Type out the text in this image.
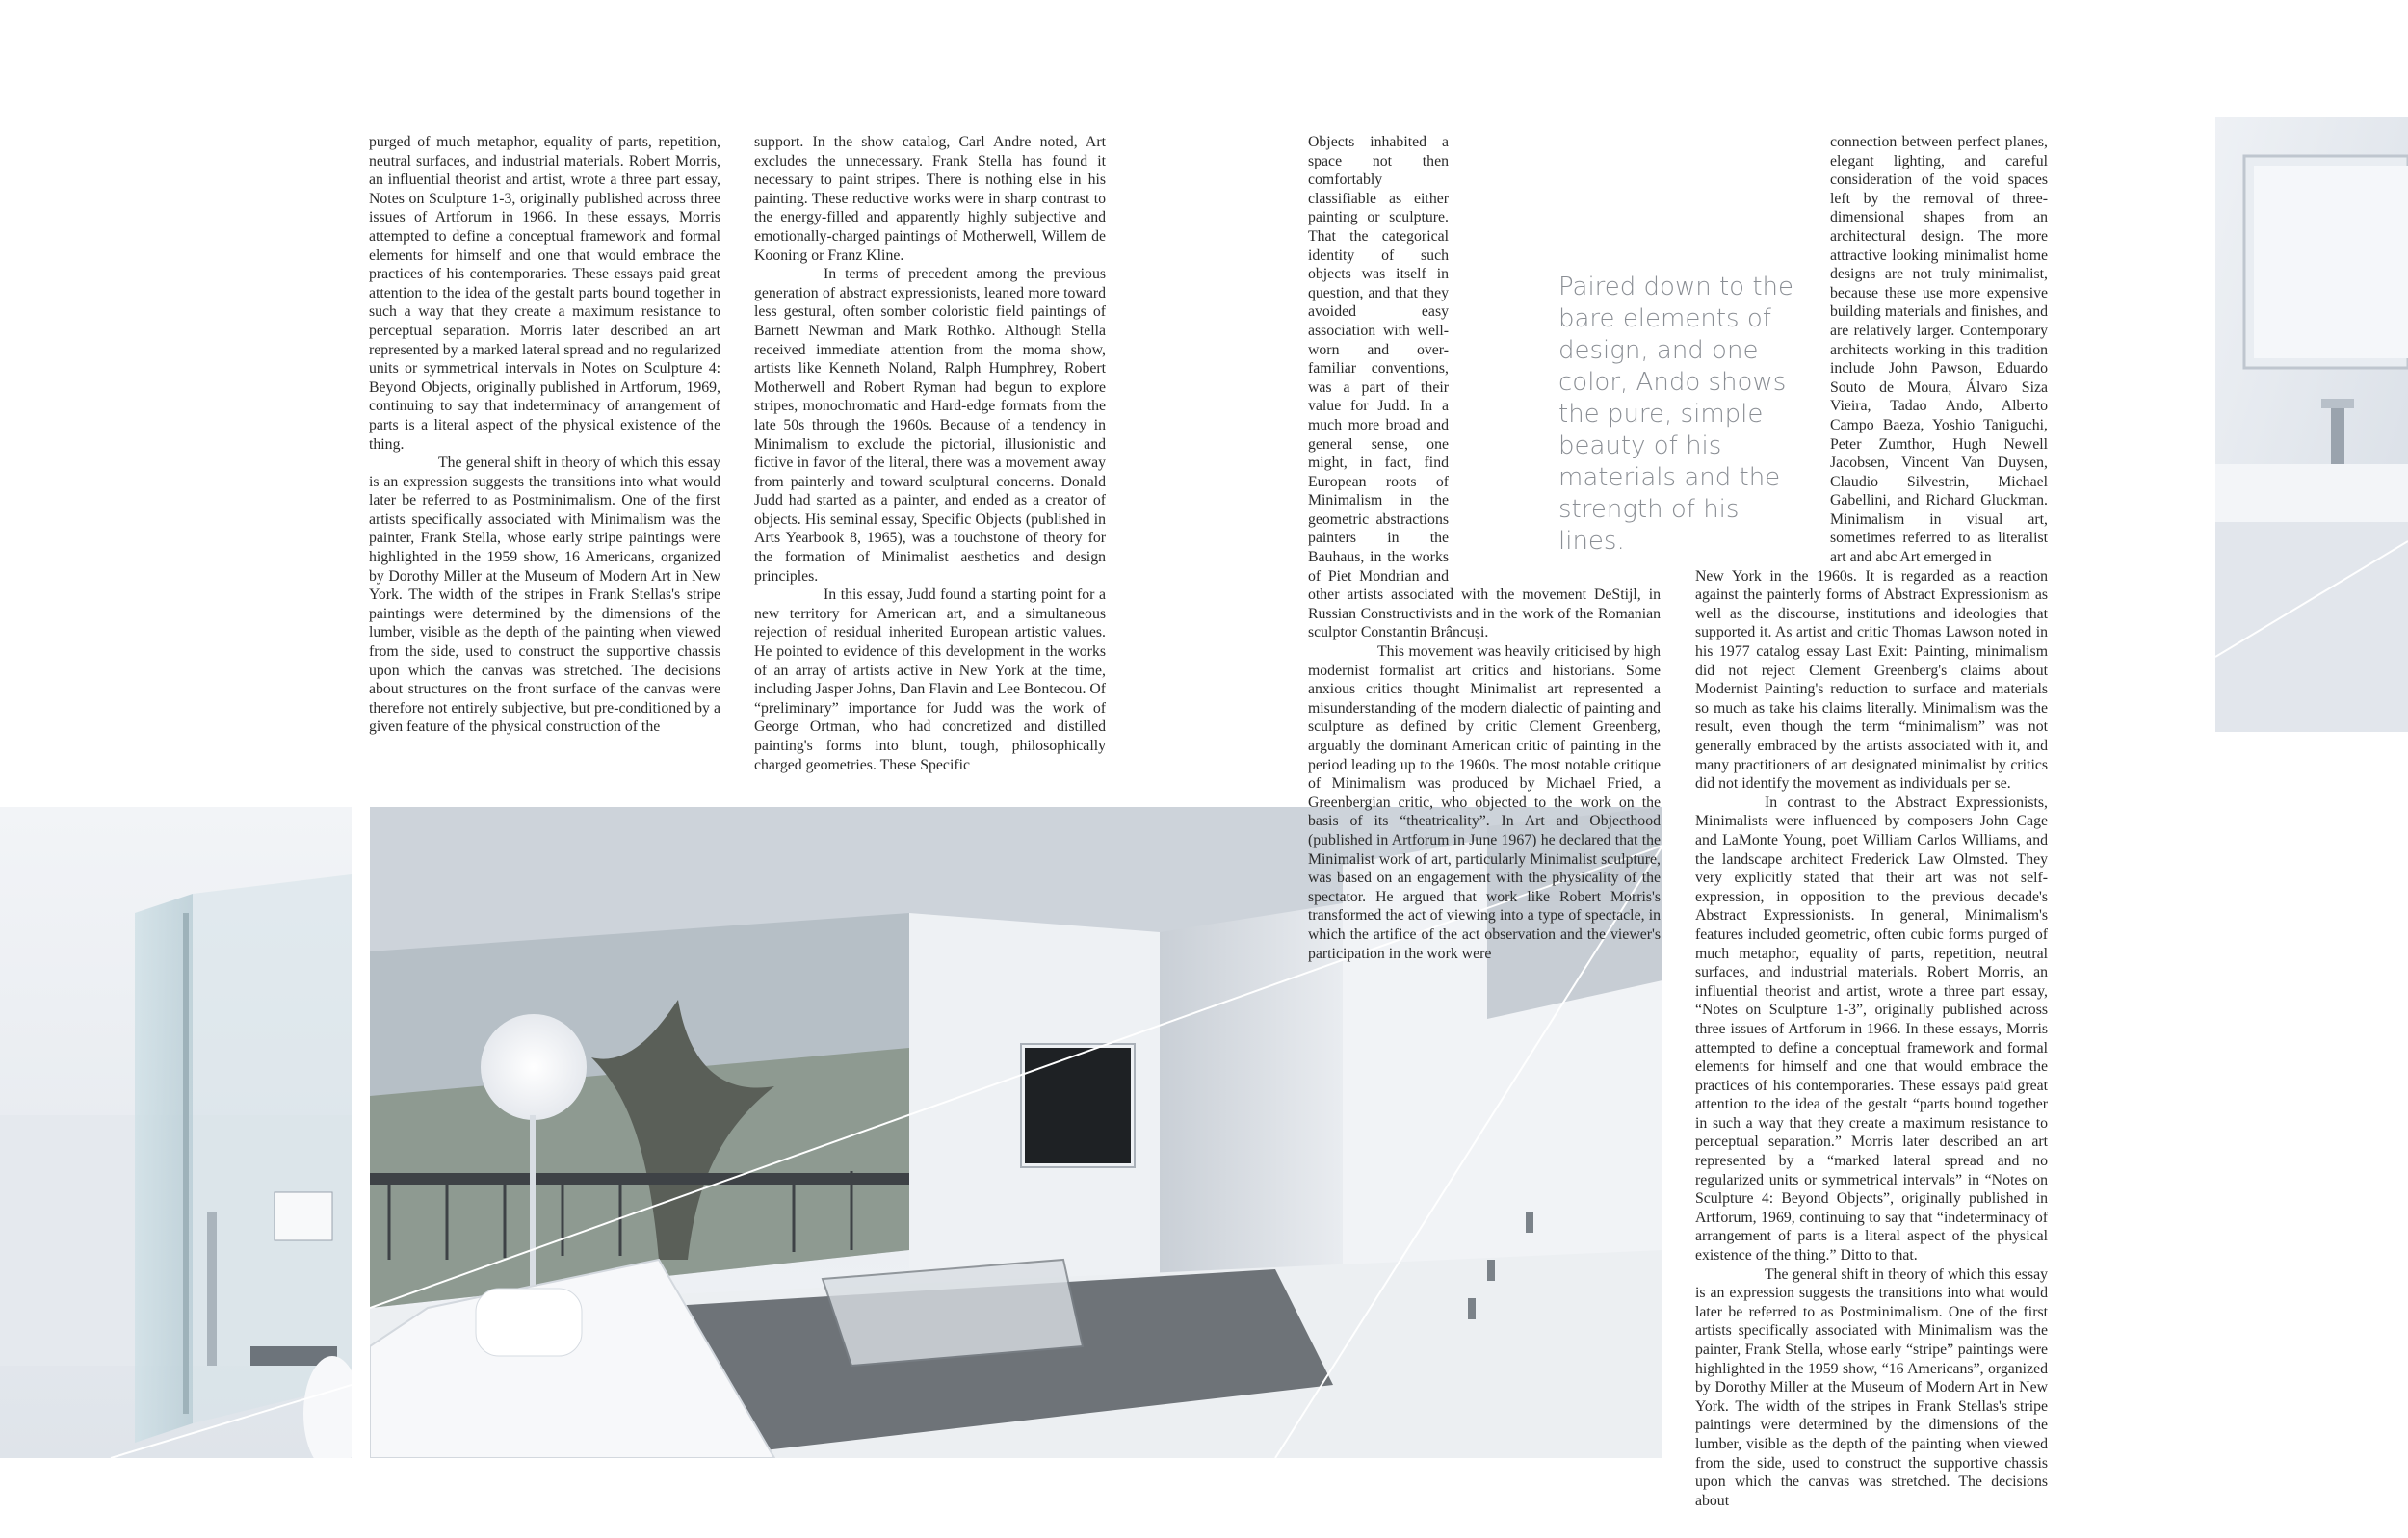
purged of much metaphor, equality of parts, repetition, neutral surfaces, and industrial materials. Robert Morris, an influential theorist and artist, wrote a three part essay, Notes on Sculpture 1-3, originally published across three issues of Artforum in 1966. In these essays, Morris attempted to define a conceptual framework and formal elements for himself and one that would embrace the practices of his contemporaries. These essays paid great attention to the idea of the gestalt parts bound together in such a way that they create a maximum resistance to perceptual separation. Morris later described an art represented by a marked lateral spread and no regularized units or symmetrical intervals in Notes on Sculpture 4: Beyond Objects, originally published in Artforum, 1969, continuing to say that indeterminacy of arrangement of parts is a literal aspect of the physical existence of the thing.

The general shift in theory of which this essay is an expression suggests the transitions into what would later be referred to as Postminimalism. One of the first artists specifically associated with Minimalism was the painter, Frank Stella, whose early stripe paintings were highlighted in the 1959 show, 16 Americans, organized by Dorothy Miller at the Museum of Modern Art in New York. The width of the stripes in Frank Stellas's stripe paintings were determined by the dimensions of the lumber, visible as the depth of the painting when viewed from the side, used to construct the supportive chassis upon which the canvas was stretched. The decisions about structures on the front surface of the canvas were therefore not entirely subjective, but pre-conditioned by a given feature of the physical construction of the

support. In the show catalog, Carl Andre noted, Art excludes the unnecessary. Frank Stella has found it necessary to paint stripes. There is nothing else in his painting. These reductive works were in sharp contrast to the energy-filled and apparently highly subjective and emotionally-charged paintings of Motherwell, Willem de Kooning or Franz Kline.

In terms of precedent among the previous generation of abstract expressionists, leaned more toward less gestural, often somber coloristic field paintings of Barnett Newman and Mark Rothko. Although Stella received immediate attention from the moma show, artists like Kenneth Noland, Ralph Humphrey, Robert Motherwell and Robert Ryman had begun to explore stripes, monochromatic and Hard-edge formats from the late 50s through the 1960s. Because of a tendency in Minimalism to exclude the pictorial, illusionistic and fictive in favor of the literal, there was a movement away from painterly and toward sculptural concerns. Donald Judd had started as a painter, and ended as a creator of objects. His seminal essay, Specific Objects (published in Arts Yearbook 8, 1965), was a touchstone of theory for the formation of Minimalist aesthetics and design principles.

In this essay, Judd found a starting point for a new territory for American art, and a simultaneous rejection of residual inherited European artistic values. He pointed to evidence of this development in the works of an array of artists active in New York at the time, including Jasper Johns, Dan Flavin and Lee Bontecou. Of “preliminary” importance for Judd was the work of George Ortman, who had concretized and distilled painting's forms into blunt, tough, philosophically charged geometries. These Specific

Objects inhabited a space not then comfortably classifiable as either painting or sculpture. That the categorical identity of such objects was itself in question, and that they avoided easy association with well-worn and over-familiar conventions, was a part of their value for Judd. In a much more broad and general sense, one might, in fact, find European roots of Minimalism in the geometric abstractions painters in the Bauhaus, in the works of Piet Mondrian and other artists associated with the movement DeStijl, in Russian Constructivists and in the work of the Romanian sculptor Constantin Brâncuși.

This movement was heavily criticised by high modernist formalist art critics and historians. Some anxious critics thought Minimalist art represented a misunderstanding of the modern dialectic of painting and sculpture as defined by critic Clement Greenberg, arguably the dominant American critic of painting in the period leading up to the 1960s. The most notable critique of Minimalism was produced by Michael Fried, a Greenbergian critic, who objected to the work on the basis of its “theatricality”. In Art and Objecthood (published in Artforum in June 1967) he declared that the Minimalist work of art, particularly Minimalist sculpture, was based on an engagement with the physicality of the spectator. He argued that work like Robert Morris's transformed the act of viewing into a type of spectacle, in which the artifice of the act observation and the viewer's participation in the work were

Paired down to the bare elements of design, and one color, Ando shows the pure, simple beauty of his materials and the strength of his lines.

connection between perfect planes, elegant lighting, and careful consideration of the void spaces left by the removal of three-dimensional shapes from an architectural design. The more attractive looking minimalist home designs are not truly minimalist, because these use more expensive building materials and finishes, and are relatively larger. Contemporary architects working in this tradition include John Pawson, Eduardo Souto de Moura, Álvaro Siza Vieira, Tadao Ando, Alberto Campo Baeza, Yoshio Taniguchi, Peter Zumthor, Hugh Newell Jacobsen, Vincent Van Duysen, Claudio Silvestrin, Michael Gabellini, and Richard Gluckman. Minimalism in visual art, sometimes referred to as literalist art and abc Art emerged in

New York in the 1960s. It is regarded as a reaction against the painterly forms of Abstract Expressionism as well as the discourse, institutions and ideologies that supported it. As artist and critic Thomas Lawson noted in his 1977 catalog essay Last Exit: Painting, minimalism did not reject Clement Greenberg's claims about Modernist Painting's reduction to surface and materials so much as take his claims literally. Minimalism was the result, even though the term “minimalism” was not generally embraced by the artists associated with it, and many practitioners of art designated minimalist by critics did not identify the movement as individuals per se.

In contrast to the Abstract Expressionists, Minimalists were influenced by composers John Cage and LaMonte Young, poet William Carlos Williams, and the landscape architect Frederick Law Olmsted. They very explicitly stated that their art was not self-expression, in opposition to the previous decade's Abstract Expressionists. In general, Minimalism's features included geometric, often cubic forms purged of much metaphor, equality of parts, repetition, neutral surfaces, and industrial materials. Robert Morris, an influential theorist and artist, wrote a three part essay, “Notes on Sculpture 1-3”, originally published across three issues of Artforum in 1966. In these essays, Morris attempted to define a conceptual framework and formal elements for himself and one that would embrace the practices of his contemporaries. These essays paid great attention to the idea of the gestalt “parts bound together in such a way that they create a maximum resistance to perceptual separation.” Morris later described an art represented by a “marked lateral spread and no regularized units or symmetrical intervals” in “Notes on Sculpture 4: Beyond Objects”, originally published in Artforum, 1969, continuing to say that “indeterminacy of arrangement of parts is a literal aspect of the physical existence of the thing.” Ditto to that.

The general shift in theory of which this essay is an expression suggests the transitions into what would later be referred to as Postminimalism. One of the first artists specifically associated with Minimalism was the painter, Frank Stella, whose early “stripe” paintings were highlighted in the 1959 show, “16 Americans”, organized by Dorothy Miller at the Museum of Modern Art in New York. The width of the stripes in Frank Stellas's stripe paintings were determined by the dimensions of the lumber, visible as the depth of the painting when viewed from the side, used to construct the supportive chassis upon which the canvas was stretched. The decisions about
